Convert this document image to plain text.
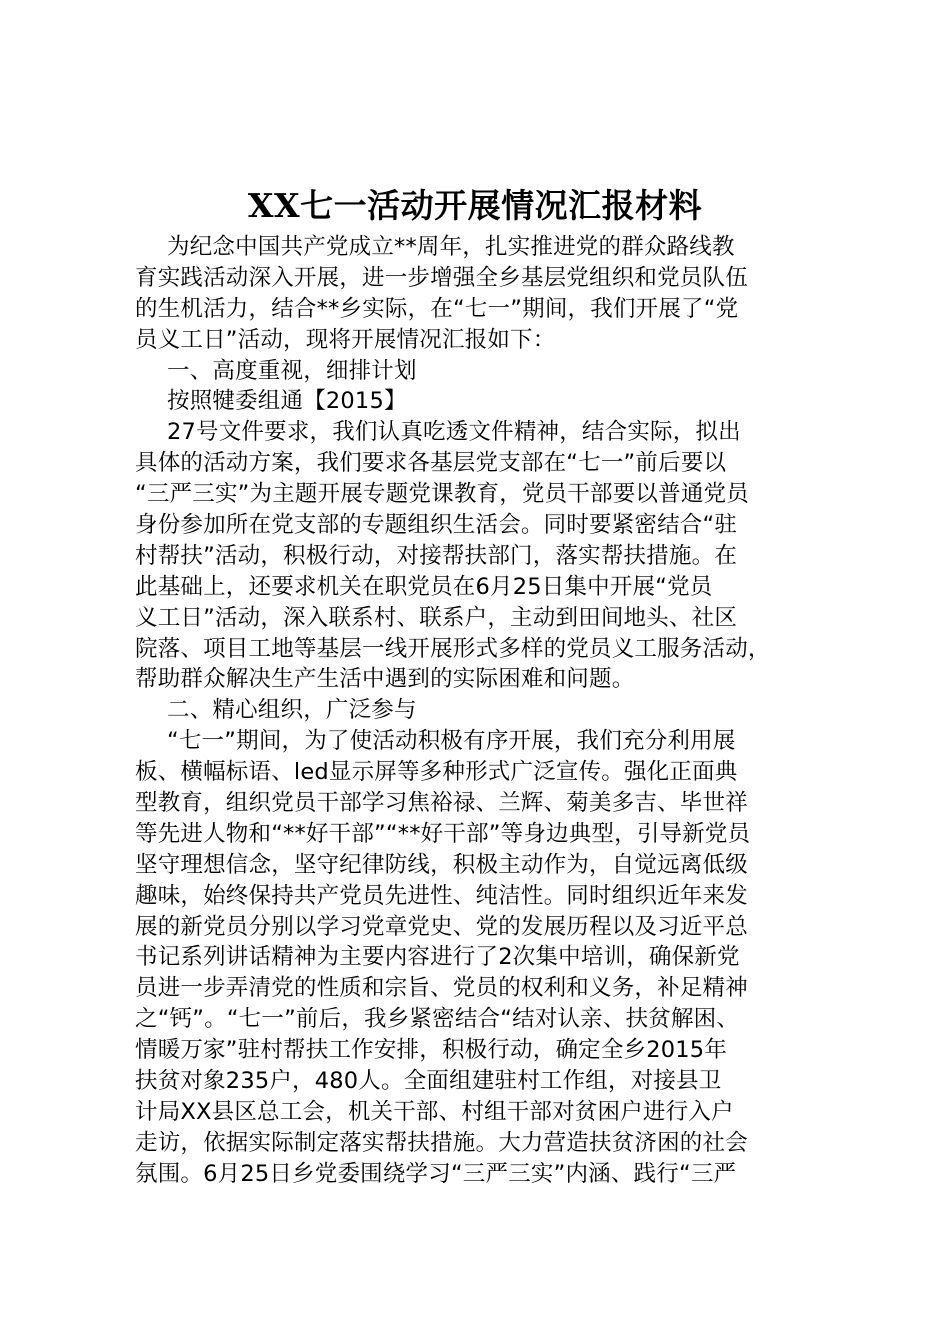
XX七一活动开展情况汇报材料
为纪念中国共产党成立**周年，扎实推进党的群众路线教
育实践活动深入开展，进一步增强全乡基层党组织和党员队伍
的生机活力，结合**乡实际，在“七一”期间，我们开展了“党
员义工日”活动，现将开展情况汇报如下：
一、高度重视，细排计划
按照犍委组通【2015】
27号文件要求，我们认真吃透文件精神，结合实际，拟出
具体的活动方案，我们要求各基层党支部在“七一”前后要以
“三严三实”为主题开展专题党课教育，党员干部要以普通党员
身份参加所在党支部的专题组织生活会。同时要紧密结合“驻
村帮扶”活动，积极行动，对接帮扶部门，落实帮扶措施。在
此基础上，还要求机关在职党员在6月25日集中开展“党员
义工日”活动，深入联系村、联系户，主动到田间地头、社区
院落、项目工地等基层一线开展形式多样的党员义工服务活动，
帮助群众解决生产生活中遇到的实际困难和问题。
二、精心组织，广泛参与
“七一”期间，为了使活动积极有序开展，我们充分利用展
板、横幅标语、led显示屏等多种形式广泛宣传。强化正面典
型教育，组织党员干部学习焦裕禄、兰辉、菊美多吉、毕世祥
等先进人物和“**好干部”“**好干部”等身边典型，引导新党员
坚守理想信念，坚守纪律防线，积极主动作为，自觉远离低级
趣味，始终保持共产党员先进性、纯洁性。同时组织近年来发
展的新党员分别以学习党章党史、党的发展历程以及习近平总
书记系列讲话精神为主要内容进行了2次集中培训，确保新党
员进一步弄清党的性质和宗旨、党员的权利和义务，补足精神
之“钙”。“七一”前后，我乡紧密结合“结对认亲、扶贫解困、
情暖万家”驻村帮扶工作安排，积极行动，确定全乡2015年
扶贫对象235户，480人。全面组建驻村工作组，对接县卫
计局XX县区总工会，机关干部、村组干部对贫困户进行入户
走访，依据实际制定落实帮扶措施。大力营造扶贫济困的社会
氛围。6月25日乡党委围绕学习“三严三实”内涵、践行“三严
